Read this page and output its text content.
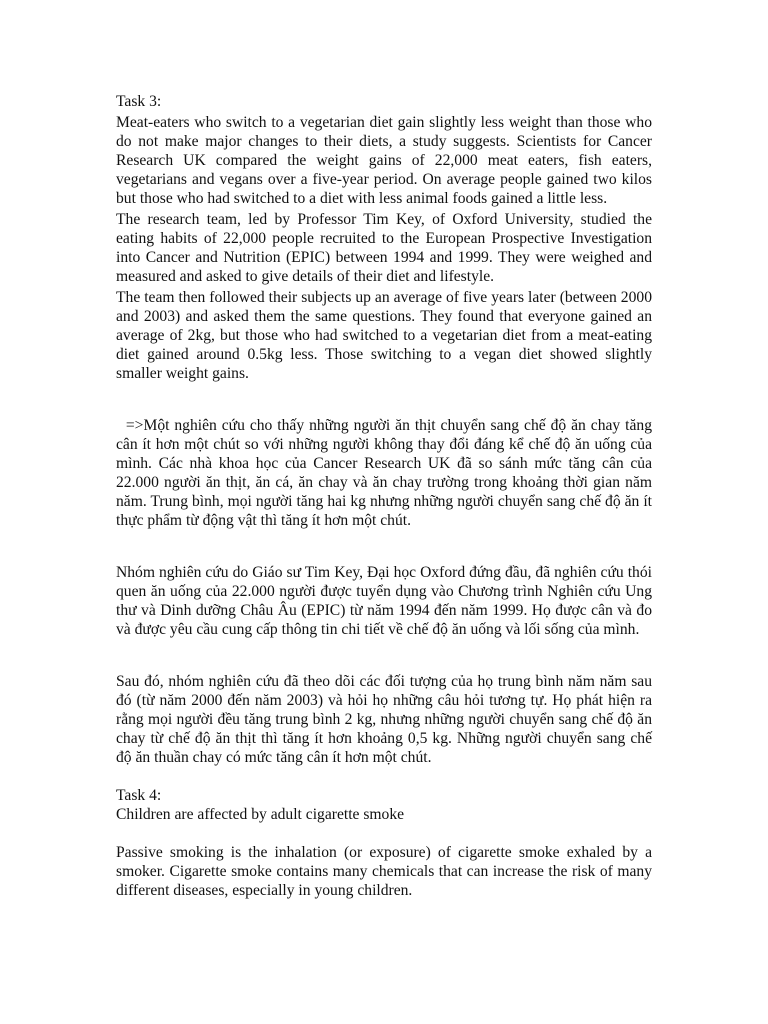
Task 3:

Meat-eaters who switch to a vegetarian diet gain slightly less weight than those who do not make major changes to their diets, a study suggests. Scientists for Cancer Research UK compared the weight gains of 22,000 meat eaters, fish eaters, vegetarians and vegans over a five-year period. On average people gained two kilos but those who had switched to a diet with less animal foods gained a little less.

The research team, led by Professor Tim Key, of Oxford University, studied the eating habits of 22,000 people recruited to the European Prospective Investigation into Cancer and Nutrition (EPIC) between 1994 and 1999. They were weighed and measured and asked to give details of their diet and lifestyle.

The team then followed their subjects up an average of five years later (between 2000 and 2003) and asked them the same questions. They found that everyone gained an average of 2kg, but those who had switched to a vegetarian diet from a meat-eating diet gained around 0.5kg less. Those switching to a vegan diet showed slightly smaller weight gains.

=>Một nghiên cứu cho thấy những người ăn thịt chuyển sang chế độ ăn chay tăng cân ít hơn một chút so với những người không thay đổi đáng kể chế độ ăn uống của mình. Các nhà khoa học của Cancer Research UK đã so sánh mức tăng cân của 22.000 người ăn thịt, ăn cá, ăn chay và ăn chay trường trong khoảng thời gian năm năm. Trung bình, mọi người tăng hai kg nhưng những người chuyển sang chế độ ăn ít thực phẩm từ động vật thì tăng ít hơn một chút.

Nhóm nghiên cứu do Giáo sư Tim Key, Đại học Oxford đứng đầu, đã nghiên cứu thói quen ăn uống của 22.000 người được tuyển dụng vào Chương trình Nghiên cứu Ung thư và Dinh dưỡng Châu Âu (EPIC) từ năm 1994 đến năm 1999. Họ được cân và đo và được yêu cầu cung cấp thông tin chi tiết về chế độ ăn uống và lối sống của mình.

Sau đó, nhóm nghiên cứu đã theo dõi các đối tượng của họ trung bình năm năm sau đó (từ năm 2000 đến năm 2003) và hỏi họ những câu hỏi tương tự. Họ phát hiện ra rằng mọi người đều tăng trung bình 2 kg, nhưng những người chuyển sang chế độ ăn chay từ chế độ ăn thịt thì tăng ít hơn khoảng 0,5 kg. Những người chuyển sang chế độ ăn thuần chay có mức tăng cân ít hơn một chút.

Task 4:

Children are affected by adult cigarette smoke

Passive smoking is the inhalation (or exposure) of cigarette smoke exhaled by a smoker. Cigarette smoke contains many chemicals that can increase the risk of many different diseases, especially in young children.
